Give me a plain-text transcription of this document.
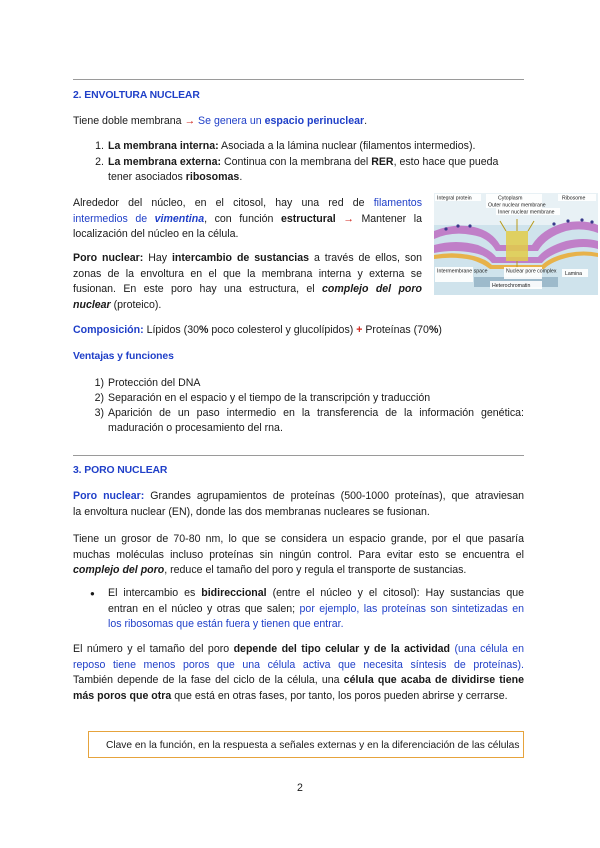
2. ENVOLTURA NUCLEAR
Tiene doble membrana → Se genera un espacio perinuclear.
1. La membrana interna: Asociada a la lámina nuclear (filamentos intermedios).
2. La membrana externa: Continua con la membrana del RER, esto hace que pueda
tener asociados ribosomas.
Alrededor del núcleo, en el citosol, hay una red de filamentos
intermedios de vimentina, con función estructural → Mantener la
localización del núcleo en la célula.
Poro nuclear: Hay intercambio de sustancias a través de ellos, son
zonas de la envoltura en el que la membrana interna y externa se
fusionan. En este poro hay una estructura, el complejo del poro
nuclear (proteico).
Integral protein	Cytoplasm	Ribosome
Outer nuclear membrane
Inner nuclear membrane
Intermembrane space	Nuclear pore complex Lamina
Heterochromatin
Composición: Lípidos (30% poco colesterol y glucolípidos) + Proteínas (70%)
Ventajas y funciones
1) Protección del DNA
2) Separación en el espacio y el tiempo de la transcripción y traducción
3) Aparición de un paso intermedio en la transferencia de la información genética:
maduración o procesamiento del rna.
3. PORO NUCLEAR
Poro nuclear: Grandes agrupamientos de proteínas (500-1000 proteínas), que atraviesan
la envoltura nuclear (EN), donde las dos membranas nucleares se fusionan.
Tiene un grosor de 70-80 nm, lo que se considera un espacio grande, por el que pasaría
muchas moléculas incluso proteínas sin ningún control. Para evitar esto se encuentra el
complejo del poro, reduce el tamaño del poro y regula el transporte de sustancias.
● El intercambio es bidireccional (entre el núcleo y el citosol): Hay sustancias que
entran en el núcleo y otras que salen; por ejemplo, las proteínas son sintetizadas en
los ribosomas que están fuera y tienen que entrar.
El número y el tamaño del poro depende del tipo celular y de la actividad (una célula en
reposo tiene menos poros que una célula activa que necesita síntesis de proteínas).
También depende de la fase del ciclo de la célula, una célula que acaba de dividirse tiene
más poros que otra que está en otras fases, por tanto, los poros pueden abrirse y cerrarse.
Clave en la función, en la respuesta a señales externas y en la diferenciación de las células
2
